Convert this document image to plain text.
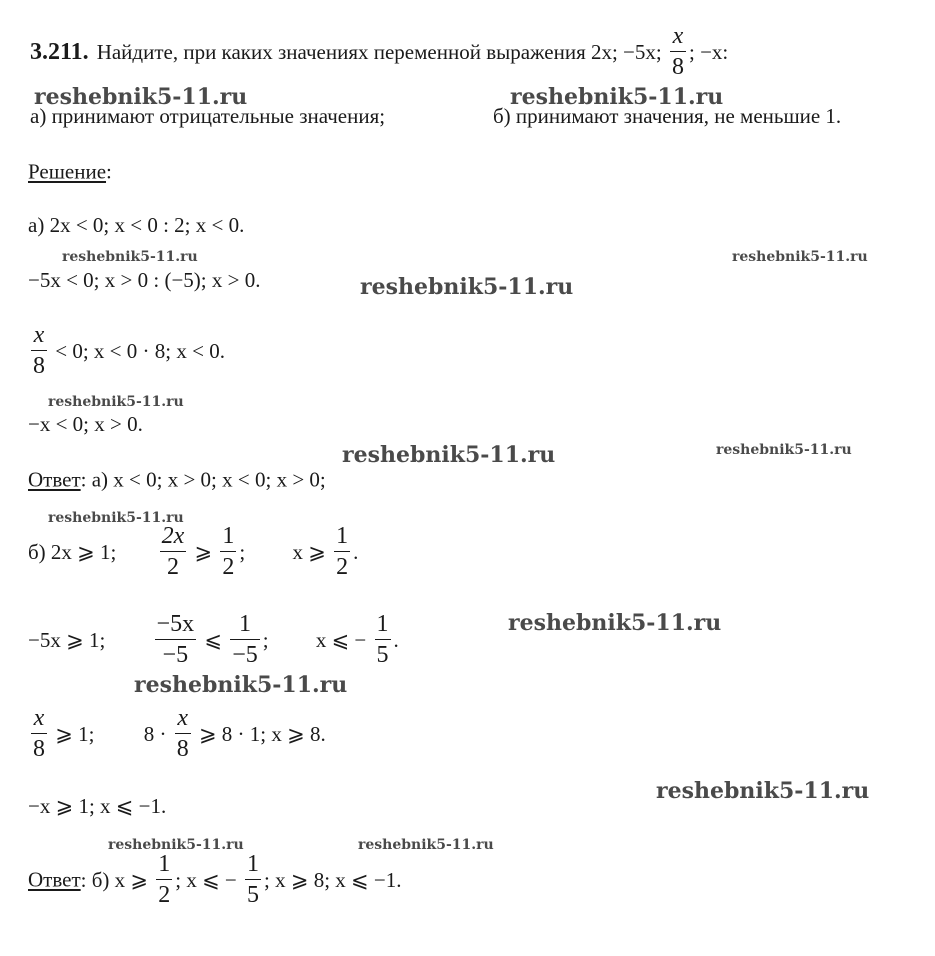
3.211. Найдите, при каких значениях переменной выражения 2x; −5x; $\frac{x}{8}$ ; −x:
а) принимают отрицательные значения;	б) принимают значения, не меньшие 1.
Решение:
а) 2x < 0; x < 0 : 2; x < 0.
−5x < 0; x > 0 : (−5); x > 0.
$\frac{x}{8} < 0$; x < 0 · 8; x < 0.
−x < 0; x > 0.
Ответ: а) x < 0; x > 0; x < 0; x > 0;
б) 2x ⩾ 1; $\frac{2x}{2}$ ⩾ $\frac{1}{2}$ ; x ⩾ $\frac{1}{2}$ .
−5x ⩾ 1; $\frac{-5x}{-5}$ ⩽ $\frac{1}{-5}$ ; x ⩽ − $\frac{1}{5}$ .
$\frac{x}{8}$ ⩾ 1; $8 \cdot \frac{x}{8}$ ⩾ 8 · 1; x ⩾ 8.
−x ⩾ 1; x ⩽ −1.
Ответ: б) x ⩾ $\frac{1}{2}$ ; x ⩽ − $\frac{1}{5}$ ; x ⩾ 8; x ⩽ −1.
reshebnik5-11.ru	reshebnik5-11.ru
reshebnik5-11.ru	reshebnik5-11.ru
reshebnik5-11.ru
reshebnik5-11.ru
reshebnik5-11.ru	reshebnik5-11.ru
reshebnik5-11.ru
reshebnik5-11.ru
reshebnik5-11.ru
reshebnik5-11.ru
reshebnik5-11.ru	reshebnik5-11.ru
reshebnik5-11.ru
